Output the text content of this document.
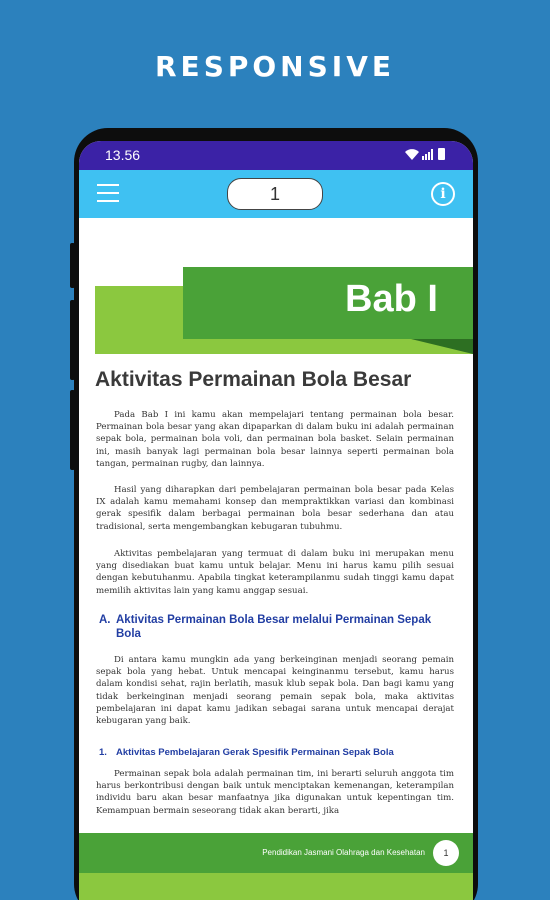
RESPONSIVE
13.56
1	i
Bab I
Aktivitas Permainan Bola Besar

Pada Bab I ini kamu akan mempelajari tentang permainan bola besar. Permainan bola besar yang akan dipaparkan di dalam buku ini adalah permainan sepak bola, permainan bola voli, dan permainan bola basket. Selain permainan ini, masih banyak lagi permainan bola besar lainnya seperti permainan bola tangan, permainan rugby, dan lainnya.

Hasil yang diharapkan dari pembelajaran permainan bola besar pada Kelas IX adalah kamu memahami konsep dan mempraktikkan variasi dan kombinasi gerak spesifik dalam berbagai permainan bola besar sederhana dan atau tradisional, serta mengembangkan kebugaran tubuhmu.

Aktivitas pembelajaran yang termuat di dalam buku ini merupakan menu yang disediakan buat kamu untuk belajar. Menu ini harus kamu pilih sesuai dengan kebutuhanmu. Apabila tingkat keterampilanmu sudah tinggi kamu dapat memilih aktivitas lain yang kamu anggap sesuai.

A. Aktivitas Permainan Bola Besar melalui Permainan Sepak Bola

Di antara kamu mungkin ada yang berkeinginan menjadi seorang pemain sepak bola yang hebat. Untuk mencapai keinginanmu tersebut, kamu harus dalam kondisi sehat, rajin berlatih, masuk klub sepak bola. Dan bagi kamu yang tidak berkeinginan menjadi seorang pemain sepak bola, maka aktivitas pembelajaran ini dapat kamu jadikan sebagai sarana untuk mencapai derajat kebugaran yang baik.

1. Aktivitas Pembelajaran Gerak Spesifik Permainan Sepak Bola

Permainan sepak bola adalah permainan tim, ini berarti seluruh anggota tim harus berkontribusi dengan baik untuk menciptakan kemenangan, keterampilan individu baru akan besar manfaatnya jika digunakan untuk kepentingan tim. Kemampuan bermain seseorang tidak akan berarti, jika

Pendidikan Jasmani Olahraga dan Kesehatan	1
